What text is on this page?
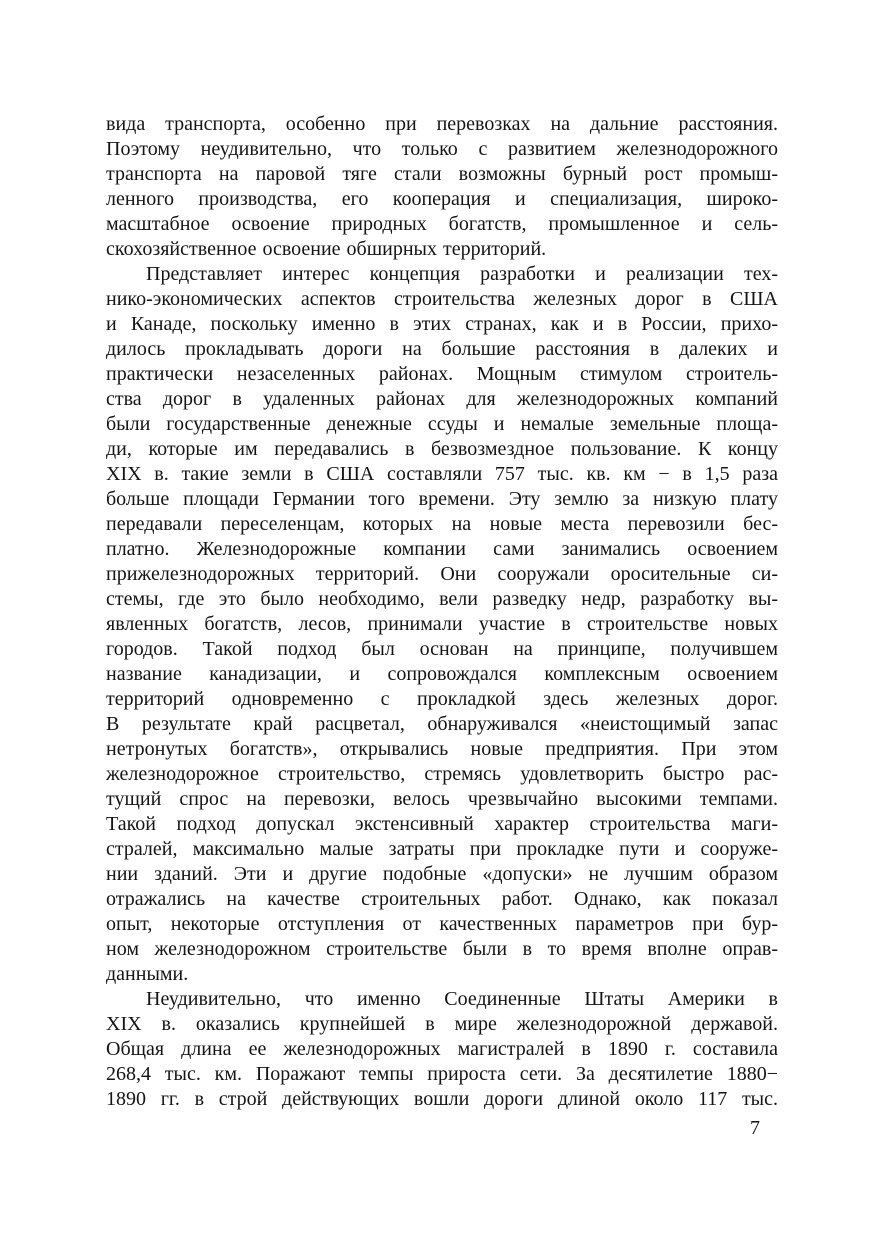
вида транспорта, особенно при перевозках на дальние расстояния.
Поэтому неудивительно, что только с развитием железнодорожного
транспорта на паровой тяге стали возможны бурный рост промыш-
ленного производства, его кооперация и специализация, широко-
масштабное освоение природных богатств, промышленное и сель-
скохозяйственное освоение обширных территорий.
Представляет интерес концепция разработки и реализации тех-
нико-экономических аспектов строительства железных дорог в США
и Канаде, поскольку именно в этих странах, как и в России, прихо-
дилось прокладывать дороги на большие расстояния в далеких и
практически незаселенных районах. Мощным стимулом строитель-
ства дорог в удаленных районах для железнодорожных компаний
были государственные денежные ссуды и немалые земельные площа-
ди, которые им передавались в безвозмездное пользование. К концу
XIX в. такие земли в США составляли 757 тыс. кв. км − в 1,5 раза
больше площади Германии того времени. Эту землю за низкую плату
передавали переселенцам, которых на новые места перевозили бес-
платно. Железнодорожные компании сами занимались освоением
прижелезнодорожных территорий. Они сооружали оросительные си-
стемы, где это было необходимо, вели разведку недр, разработку вы-
явленных богатств, лесов, принимали участие в строительстве новых
городов. Такой подход был основан на принципе, получившем
название канадизации, и сопровождался комплексным освоением
территорий одновременно с прокладкой здесь железных дорог.
В результате край расцветал, обнаруживался «неистощимый запас
нетронутых богатств», открывались новые предприятия. При этом
железнодорожное строительство, стремясь удовлетворить быстро рас-
тущий спрос на перевозки, велось чрезвычайно высокими темпами.
Такой подход допускал экстенсивный характер строительства маги-
стралей, максимально малые затраты при прокладке пути и сооруже-
нии зданий. Эти и другие подобные «допуски» не лучшим образом
отражались на качестве строительных работ. Однако, как показал
опыт, некоторые отступления от качественных параметров при бур-
ном железнодорожном строительстве были в то время вполне оправ-
данными.
Неудивительно, что именно Соединенные Штаты Америки в
XIX в. оказались крупнейшей в мире железнодорожной державой.
Общая длина ее железнодорожных магистралей в 1890 г. составила
268,4 тыс. км. Поражают темпы прироста сети. За десятилетие 1880−
1890 гг. в строй действующих вошли дороги длиной около 117 тыс.
7
